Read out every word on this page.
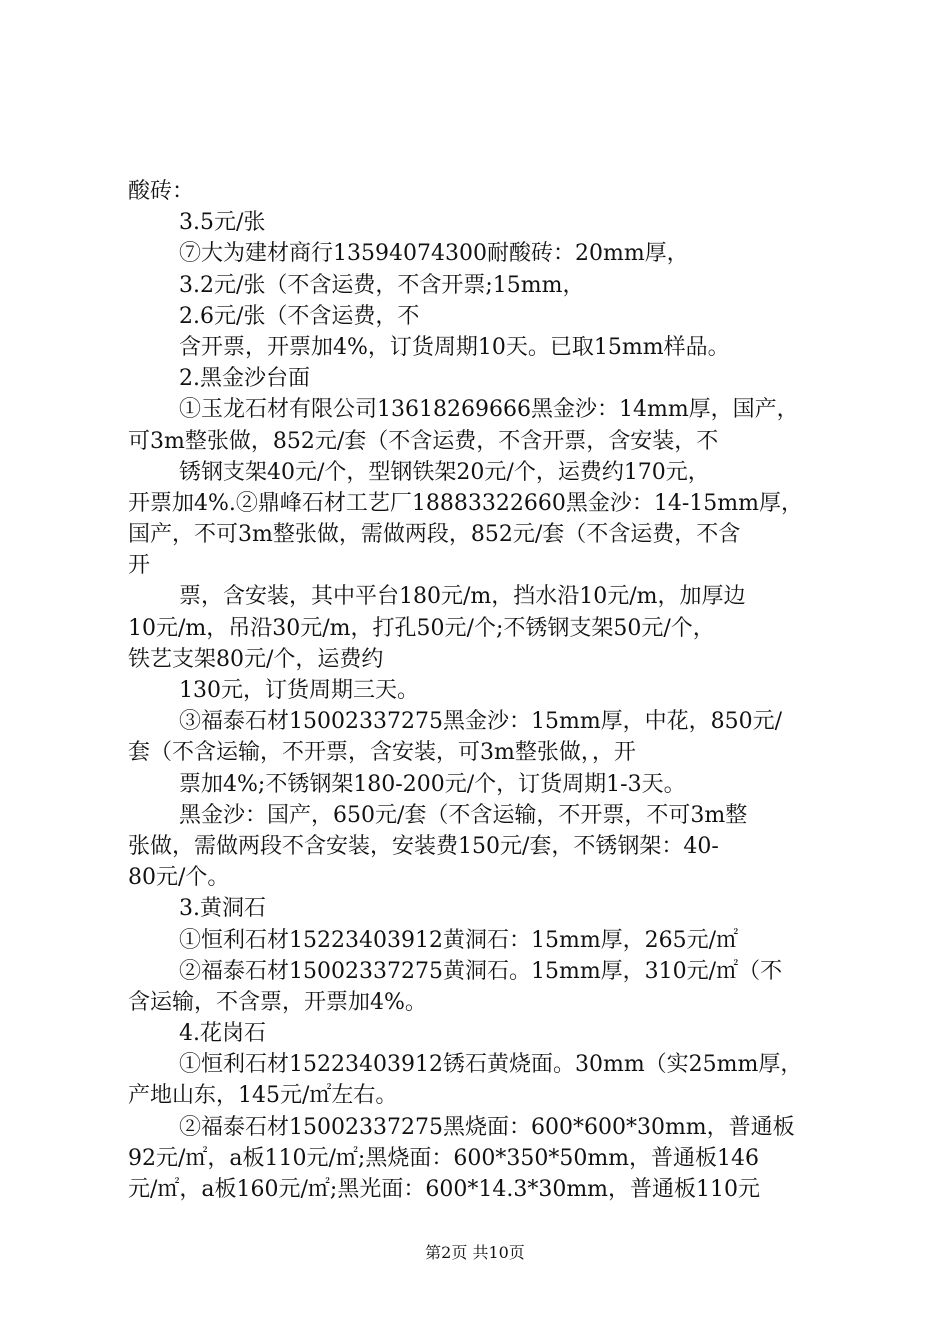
酸砖：
3.5元/张
⑦大为建材商行13594074300耐酸砖：20mm厚，
3.2元/张（不含运费，不含开票;15mm，
2.6元/张（不含运费，不
含开票，开票加4%，订货周期10天。已取15mm样品。
2.黑金沙台面
①玉龙石材有限公司13618269666黑金沙：14mm厚，国产，
可3m整张做，852元/套（不含运费，不含开票，含安装，不
锈钢支架40元/个，型钢铁架20元/个，运费约170元，
开票加4%.②鼎峰石材工艺厂18883322660黑金沙：14-15mm厚，
国产，不可3m整张做，需做两段，852元/套（不含运费，不含
开
票，含安装，其中平台180元/m，挡水沿10元/m，加厚边
10元/m，吊沿30元/m，打孔50元/个;不锈钢支架50元/个，
铁艺支架80元/个，运费约
130元，订货周期三天。
③福泰石材15002337275黑金沙：15mm厚，中花，850元/
套（不含运输，不开票，含安装，可3m整张做，，开
票加4%;不锈钢架180-200元/个，订货周期1-3天。
黑金沙：国产，650元/套（不含运输，不开票，不可3m整
张做，需做两段不含安装，安装费150元/套，不锈钢架：40-
80元/个。
3.黄洞石
①恒利石材15223403912黄洞石：15mm厚，265元/㎡
②福泰石材15002337275黄洞石。15mm厚，310元/㎡（不
含运输，不含票，开票加4%。
4.花岗石
①恒利石材15223403912锈石黄烧面。30mm（实25mm厚，
产地山东，145元/㎡左右。
②福泰石材15002337275黑烧面：600*600*30mm，普通板
92元/㎡，a板110元/㎡;黑烧面：600*350*50mm，普通板146
元/㎡，a板160元/㎡;黑光面：600*14.3*30mm，普通板110元
第2页 共10页
